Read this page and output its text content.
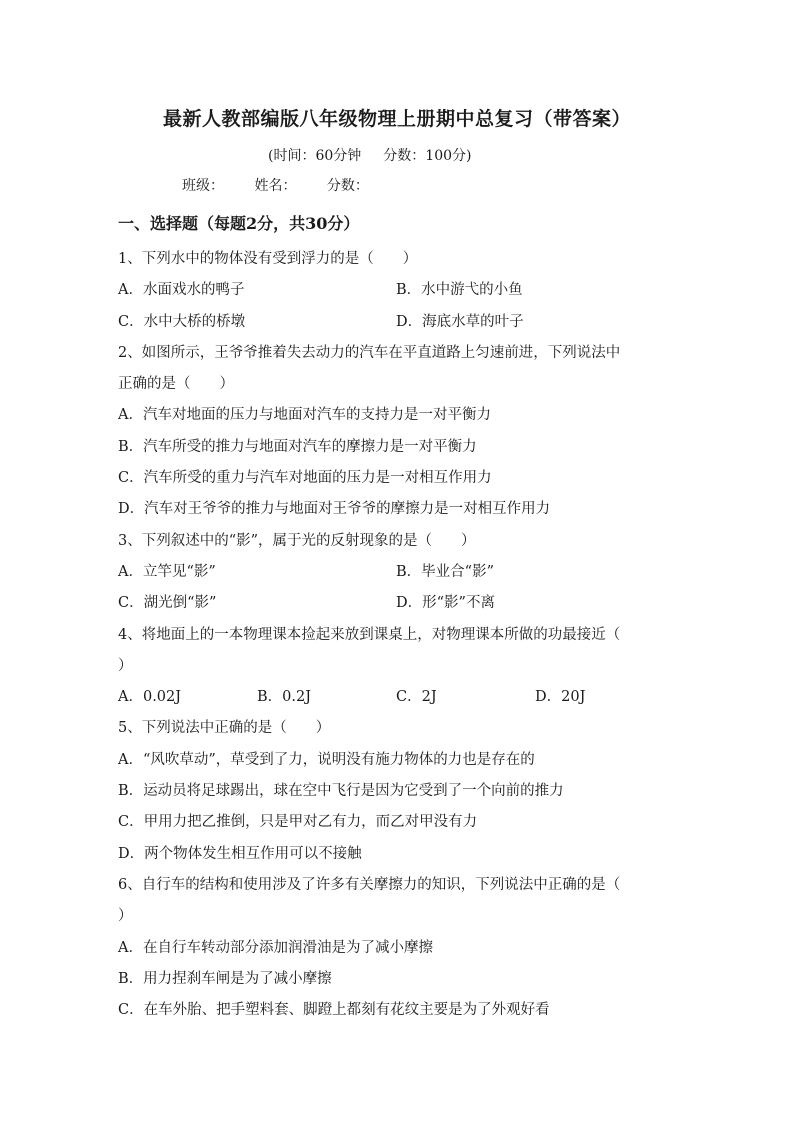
最新人教部编版八年级物理上册期中总复习（带答案）
(时间：60分钟 分数：100分)
班级： 姓名： 分数：
一、选择题（每题2分，共30分）
1、下列水中的物体没有受到浮力的是（　　）
A．水面戏水的鸭子	B．水中游弋的小鱼
C．水中大桥的桥墩	D．海底水草的叶子
2、如图所示，王爷爷推着失去动力的汽车在平直道路上匀速前进，下列说法中
正确的是（　　）
A．汽车对地面的压力与地面对汽车的支持力是一对平衡力
B．汽车所受的推力与地面对汽车的摩擦力是一对平衡力
C．汽车所受的重力与汽车对地面的压力是一对相互作用力
D．汽车对王爷爷的推力与地面对王爷爷的摩擦力是一对相互作用力
3、下列叙述中的“影”，属于光的反射现象的是（　　）
A．立竿见“影”	B．毕业合“影”
C．湖光倒“影”	D．形“影”不离
4、将地面上的一本物理课本捡起来放到课桌上，对物理课本所做的功最接近（
）
A．0.02J	B．0.2J	C．2J	D．20J
5、下列说法中正确的是（　　）
A．“风吹草动”，草受到了力，说明没有施力物体的力也是存在的
B．运动员将足球踢出，球在空中飞行是因为它受到了一个向前的推力
C．甲用力把乙推倒，只是甲对乙有力，而乙对甲没有力
D．两个物体发生相互作用可以不接触
6、自行车的结构和使用涉及了许多有关摩擦力的知识，下列说法中正确的是（
）
A．在自行车转动部分添加润滑油是为了减小摩擦
B．用力捏刹车闸是为了减小摩擦
C．在车外胎、把手塑料套、脚蹬上都刻有花纹主要是为了外观好看
